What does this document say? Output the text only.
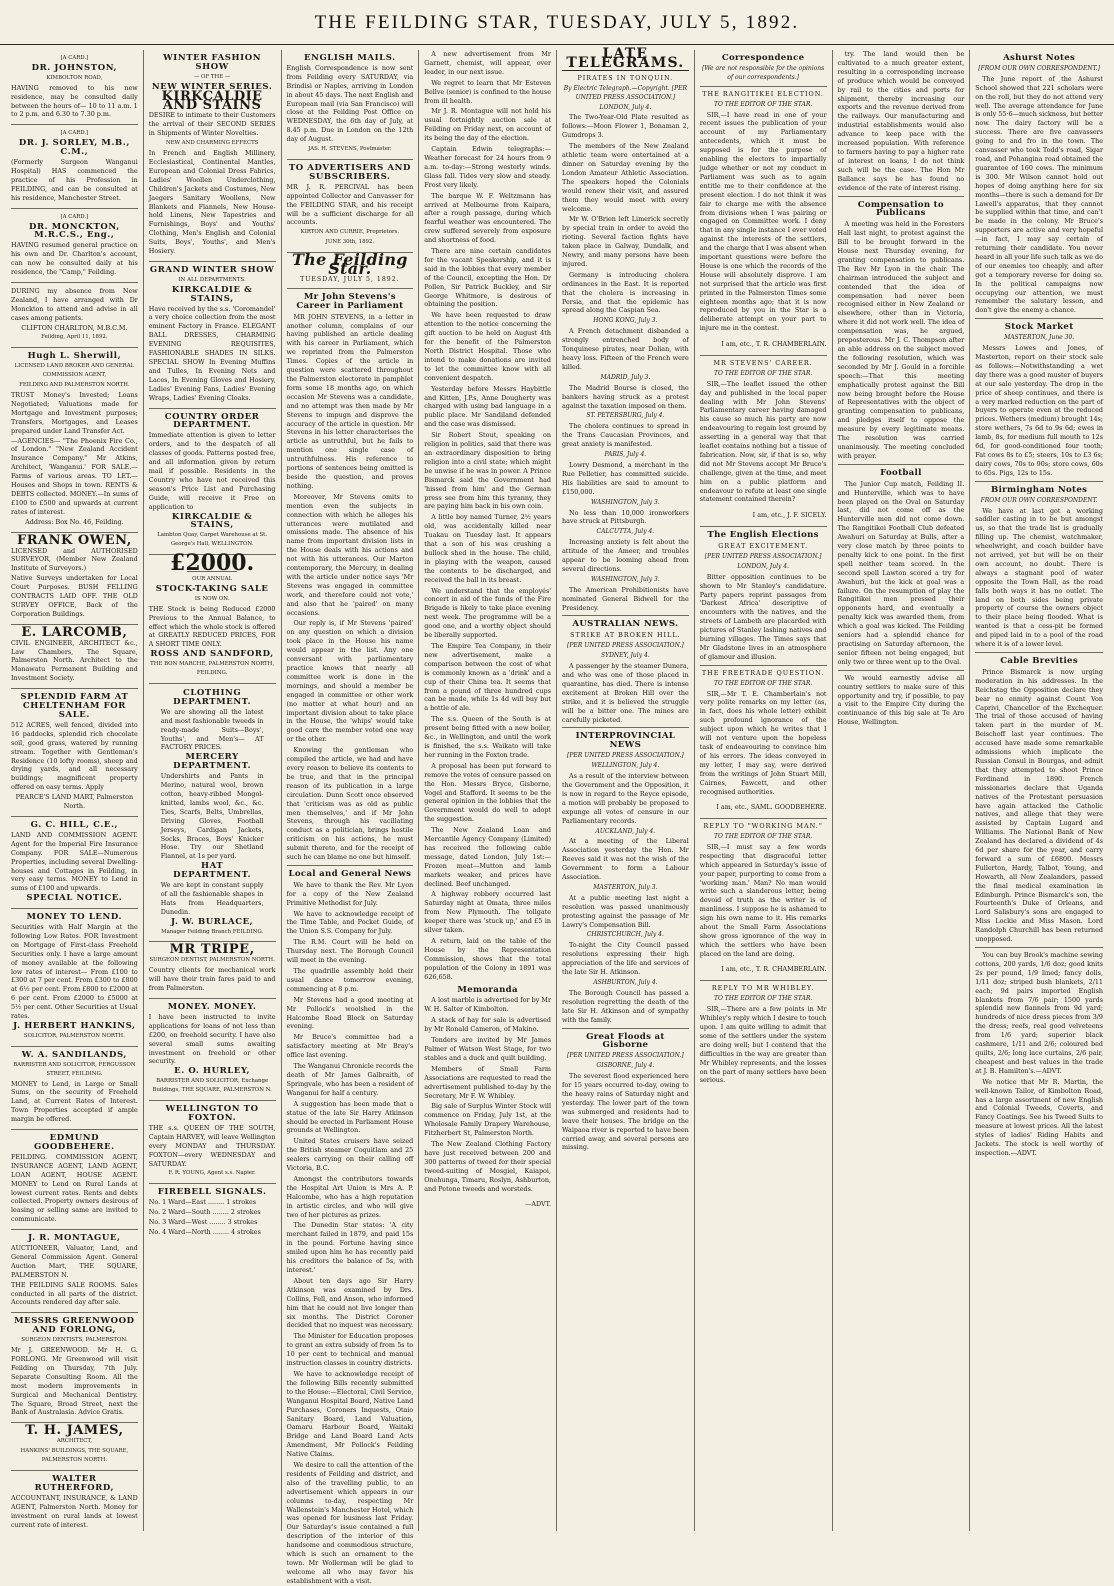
THE FEILDING STAR, TUESDAY, JULY 5, 1892.

[A CARD.]

DR. JOHNSTON,

KIMBOLTON ROAD,

HAVING removed to his new residence, may be consulted daily between the hours of— 10 to 11 a.m. 1 to 2 p.m. and 6.30 to 7.30 p.m.

[A CARD.]

DR. J. SORLEY, M.B., C.M.,

(Formerly Surgeon Wanganui Hospital) HAS commenced the practice of his Profession in FEILDING, and can be consulted at his residence, Manchester Street.

[A CARD.]

DR. MONCKTON, M.R.C.S., Eng.,

HAVING resumed general practice on his own and Dr. Charlton's account, can now be consulted daily at his residence, the "Camp," Feilding.

DURING my absence from New Zealand, I have arranged with Dr Monckton to attend and advise in all cases among patients.

CLIFTON CHARLTON, M.B.C.M.

Feilding, April 11, 1892.

Hugh L. Sherwill,

LICENSED LAND BROKER AND GENERAL COMMISSION AGENT,

FEILDING AND PALMERSTON NORTH.

TRUST Money's Invested; Loans Negotiated; Valuations made for Mortgage and Investment purposes; Transfers, Mortgages, and Leases prepared under Land Transfer Act.

—AGENCIES— "The Phoenix Fire Co., of London." "New Zealand Accident Insurance Company." Mr Atkins, Architect, 'Wanganui.' FOR SALE.—Farms of various areas. TO LET.—Houses and Shops in town. RENTS & DEBTS collected. MONEY.—In sums of £100 to £500 and upwards at current rates of interest.

Address: Box No. 46, Feilding.

FRANK OWEN,

LICENSED and AUTHORISED SURVEYOR, (Member New Zealand Institute of Surveyors.)

Native Surveys undertaken for Local Court Purposes. BUSH FELLING CONTRACTS LAID OFF. THE OLD SURVEY OFFICE, Back of the Corporation Buildings.

E. LARCOMB,

CIVIL ENGINEER, ARCHITECT &c., Law Chambers, The Square, Palmerston North. Architect to the Manawatu Permanent Building and Investment Society.

SPLENDID FARM AT CHELTENHAM FOR SALE.

512 ACRES, well fenced, divided into 16 paddocks, splendid rich chocolate soil, good grass, watered by running stream. Together with Gentleman's Residence (10 lofty rooms), sheep and drying yards, and all necessary buildings; magnificent property offered on easy terms. Apply

PEARCE'S LAND MART, Palmerston North.

G. C. HILL, C.E.,

LAND AND COMMISSION AGENT. Agent for the Imperial Fire Insurance Company. FOR SALE—Numerous Properties, including several Dwelling-houses and Cottages in Feilding, in very easy terms. MONEY to Lend in sums of £100 and upwards.

SPECIAL NOTICE.

MONEY TO LEND.

Securities with Half Margin at the following Low Rates. FOR Investment on Mortgage of First-class Freehold Securities only. I have a large amount of money available at the following low rates of interest— From £100 to £300 at 7 per cent. From £300 to £800 at 6½ per cent. From £800 to £2000 at 6 per cent. From £2000 to £5000 at 5½ per cent. Other Securities at Usual rates.

J. HERBERT HANKINS,

SOLICITOR, PALMERSTON NORTH.

W. A. SANDILANDS,

BARRISTER AND SOLICITOR, FERGUSSON STREET, FEILDING.

MONEY to Lend, in Large or Small Sums, on the security of Freehold Land, at Current Rates of Interest. Town Properties accepted if ample margin be offered.

EDMUND GOODBEHERE.

FEILDING. COMMISSION AGENT, INSURANCE AGENT, LAND AGENT, LOAN AGENT, HOUSE AGENT. MONEY to Lend on Rural Lands at lowest current rates. Rents and debts collected. Property owners desirous of leasing or selling same are invited to communicate.

J. R. MONTAGUE,

AUCTIONEER, Valuator, Land, and General Commission Agent. General Auction Mart, THE SQUARE, PALMERSTON N.

THE FEILDING SALE ROOMS. Sales conducted in all parts of the district. Accounts rendered day after sale.

MESSRS GREENWOOD AND FORLONG,

SURGEON DENTISTS, PALMERSTON.

Mr J. GREENWOOD. Mr H. G. FORLONG. Mr Greenwood will visit Feilding on Thursday, 7th July. Separate Consulting Room. All the most modern improvements in Surgical and Mechanical Dentistry. The Square, Broad Street, next the Bank of Australasia. Advice Gratis.

T. H. JAMES,

ARCHITECT,

HANKINS' BUILDINGS, THE SQUARE, PALMERSTON NORTH.

WALTER RUTHERFORD,

ACCOUNTANT, INSURANCE, & LAND AGENT, Palmerston North. Money for investment on rural lands at lowest current rate of interest.

WINTER FASHION SHOW

— OF THE —

NEW WINTER SERIES.

KIRKCALDIE AND STAINS

DESIRE to intimate to their Customers the arrival of their SECOND SERIES in Shipments of Winter Novelties.

NEW AND CHARMING EFFECTS

In French and English Millinery, Ecclesiastical, Continental Mantles, European and Colonial Dress Fabrics, Ladies' Woollen Underclothing, Children's Jackets and Costumes, New Jaegers Sanitary Woollens, New Blankets and Flannels, New House-hold Linens, New Tapestries and Furnishings, Boys' and Youths' Clothing, Men's English and Colonial Suits, Boys', Youths', and Men's Hosiery.

GRAND WINTER SHOW

IN ALL DEPARTMENTS.

KIRKCALDIE & STAINS,

Have received by the s.s. 'Coromandel' a very choice collection from the most eminent Factory in France. ELEGANT BALL DRESSES, CHARMING EVENING REQUISITES, FASHIONABLE SHADES IN SILKS. SPECIAL SHOW In Evening Muffins and Tulles, In Evening Nets and Laces, In Evening Gloves and Hosiery, Ladies' Evening Fans, Ladies' Evening Wraps, Ladies' Evening Cloaks.

COUNTRY ORDER DEPARTMENT.

Immediate attention is given to letter orders, and to the despatch of all classes of goods. Patterns posted free, and all information given by return mail if possible. Residents in the Country who have not received this season's Price List and Purchasing Guide, will receive it Free on application to

KIRKCALDIE & STAINS,

Lambton Quay, Carpet Warehouse at St. George's Hall, WELLINGTON.

£2000.

OUR ANNUAL

STOCK-TAKING SALE

IS NOW ON.

THE Stock is being Reduced £2000 Previous to the Annual Balance, to effect which the whole stock is offered at GREATLY REDUCED PRICES, FOR A SHORT TIME ONLY.

ROSS AND SANDFORD,

THE BON MARCHE, PALMERSTON NORTH, FEILDING.

CLOTHING DEPARTMENT.

We are showing all the latest and most fashionable tweeds in ready-made Suits—Boys', Youths', and Men's— AT FACTORY PRICES.

MERCERY DEPARTMENT.

Undershirts and Pants in Merino, natural wool, brown cotton, heavy-ribbed Mongol-knitted, lambs wool, &c., &c. Ties, Scarfs, Belts, Umbrellas, Driving Gloves, Football Jerseys, Cardigan Jackets, Socks, Braces, Boys' Knicker Hose. Try our Shetland Flannel, at 1s per yard.

HAT DEPARTMENT.

We are kept in constant supply of all the fashionable shapes in Hats from Headquarters, Dunedin.

J. W. BURLACE,

Manager Feilding Branch FEILDING.

MR TRIPE,

SURGEON DENTIST, PALMERSTON NORTH.

Country clients for mechanical work will have their train fares paid to and from Palmerston.

MONEY. MONEY.

I have been instructed to invite applications for loans of not less than £200, on freehold security. I have also several small sums awaiting investment on freehold or other security.

E. O. HURLEY,

BARRISTER AND SOLICITOR, Exchange Buildings, THE SQUARE, PALMERSTON N.

WELLINGTON TO FOXTON.

THE s.s. QUEEN OF THE SOUTH, Captain HARVEY, will leave Wellington every MONDAY and THURSDAY. FOXTON—every WEDNESDAY and SATURDAY.

F. R. YOUNG, Agent s.s. Napier.

FIREBELL SIGNALS.

No. 1 Ward—East ........ 1 strokes

No. 2 Ward—South ........ 2 strokes

No. 3 Ward—West ........ 3 strokes

No. 4 Ward—North ........ 4 strokes

ENGLISH MAILS.

English Correspondence is now sent from Feilding every SATURDAY, via Brindisi or Naples, arriving in London in about 45 days. The next English and European mail (via San Francisco) will close at the Feilding Post Office on WEDNESDAY, the 6th day of July, at 8.45 p.m. Due in London on the 12th day of August.

JAS. H. STEVENS, Postmaster.

TO ADVERTISERS AND SUBSCRIBERS.

MR J. R. PERCIVAL has been appointed Collector and Canvasser for the FEILDING STAR, and his receipt will be a sufficient discharge for all accounts.

KIRTON AND CURRIE, Proprietors.

JUNE 30th, 1892.

The Feilding Star.
TUESDAY, JULY 5, 1892.
Mr John Stevens's Career in Parliament

MR JOHN STEVENS, in a letter in another column, complains of our having published an article dealing with his career in Parliament, which we reprinted from the Palmerston Times. Copies of the article in question were scattered throughout the Palmerston electorate in pamphlet form some 18 months ago, on which occasion Mr Stevens was a candidate, and no attempt was then made by Mr Stevens to impugn and disprove the accuracy of the article in question. Mr Stevens in his letter characterises the article as untruthful, but he fails to mention one single case of untruthfulness. His reference to portions of sentences being omitted is beside the question, and proves nothing.

Moreover, Mr Stevens omits to mention even the subjects in connection with which he alleges his utterances were mutilated and omissions made. The absence of his name from important division lists in the House deals with his actions and not with his utterances. Our Marton contemporary, the Mercury, in dealing with the article under notice says 'Mr Stevens was engaged in committee work, and therefore could not vote,' and also that he 'paired' on many occasions.

Our reply is, if Mr Stevens 'paired' on any question on which a division took place in the House his name would appear in the list. Any one conversant with parliamentary practice knows that nearly all committee work is done in the mornings, and should a member be engaged in committee or other work (no matter at what hour) and an important division about to take place in the House, the 'whips' would take good care the member voted one way or the other.

Knowing the gentleman who compiled the article, we had and have every reason to believe its contents to be true, and that in the principal reason of its publication in a large circulation. Dunn Scott once observed that 'criticism was as old as public men themselves,' and if Mr John Stevens, through his vacillating conduct as a politician, brings hostile criticism on his actions, he must submit thereto, and for the receipt of such he can blame no one but himself.

Local and General News

We have to thank the Rev. Mr Lyon for a copy of the New Zealand Primitive Methodist for July.

We have to acknowledge receipt of the Time Table, and Pocket Guide, of the Union S.S. Company for July.

The R.M. Court will be held on Thursday next. The Borough Council will meet in the evening.

The quadrille assembly hold their usual dance tomorrow evening, commencing at 8 p.m.

Mr Stevens had a good meeting at Mr Pollock's woolshed in the Halcombe Road Block on Saturday evening.

Mr Bruce's committee had a satisfactory meeting at Mr Bray's office last evening.

The Wanganui Chronicle records the death of Mr James Galbraith, of Springvale, who has been a resident of Wanganui for half a century.

A suggestion has been made that a statue of the late Sir Harry Atkinson should be erected in Parliament House grounds at Wellington.

United States cruisers have seized the British steamer Coquitlam and 25 sealers carrying on their calling off Victoria, B.C.

Amongst the contributors towards the Hospital Art Union is Mrs A. P. Halcombe, who has a high reputation in artistic circles, and who will give two of her pictures as prizes.

The Dunedin Star states: 'A city merchant failed in 1879, and paid 15s in the pound. Fortune having since smiled upon him he has recently paid his creditors the balance of 5s, with interest.'

About ten days ago Sir Harry Atkinson was examined by Drs. Collins, Fell, and Anson, who informed him that he could not live longer than six months. The District Coroner decided that no inquest was necessary.

The Minister for Education proposes to grant an extra subsidy of from 5s to 10 per cent to technical and manual instruction classes in country districts.

We have to acknowledge receipt of the following Bills recently submitted to the House:—Electoral, Civil Service, Wanganui Hospital Board, Native Land Purchases, Coroners Inquests, Otaio Sanitary Board, Land Valuation, Oamaru Harbour Board, Waitaki Bridge and Land Board Land Acts Amendment, Mr Pollock's Feilding Native Claims.

We desire to call the attention of the residents of Feilding and district, and also of the travelling public, to an advertisement which appears in our columns to-day, respecting Mr Wallenstein's Manchester Hotel, which was opened for business last Friday. Our Saturday's issue contained a full description of the interior of this handsome and commodious structure, which is such an ornament to the town. Mr Wollerman will be glad to welcome all who may favor his establishment with a visit.

A new advertisement from Mr Garnett, chemist, will appear, over leader, in our next issue.

We regret to learn that Mr Esteven Bellve (senior) is confined to the house from ill health.

Mr J. R. Montague will not hold his usual fortnightly auction sale at Feilding on Friday next, on account of its being the day of the election.

Captain Edwin telegraphs:—Weather forecast for 24 hours from 9 a.m. to-day:—Strong westerly winds. Glass fall. Tides very slow and steady. Frost very likely.

The barque W. F. Weltzmann has arrived at Melbourne from Kaipara, after a rough passage, during which fearful weather was encountered. The crew suffered severely from exposure and shortness of food.

There are nine certain candidates for the vacant Speakership, and it is said in the lobbies that every member of the Council, excepting the Hon. Dr Pollen, Sir Patrick Buckley, and Sir George Whitmore, is desirous of obtaining the position.

We have been requested to draw attention to the notice concerning the gift auction to be held on August 4th for the benefit of the Palmerston North District Hospital. Those who intend to make donations are invited to let the committee know with all convenient despatch.

Yesterday before Messrs Haybittle and Kitten, J.P.s, Anne Dougherty was charged with using bad language in a public place. Mr Sandiland defended and the case was dismissed.

Sir Robert Stout, speaking on religion in politics, said that there was an extraordinary disposition to bring religion into a civil state; which might be unwise if he was in power. A Prince Bismarck said the Government had 'hissed from him' and the German press see from him this tyranny, they are paying him back in his own coin.

A little boy named Turner, 2½ years old, was accidentally killed near Tuakau on Tuesday last. It appears that a son of his was crushing a bullock shed in the house. The child, in playing with the weapon, caused the contents to be discharged, and received the ball in its breast.

We understand that the employés' concert in aid of the funds of the Fire Brigade is likely to take place evening next week. The programme will be a good one, and a worthy object should be liberally supported.

The Empire Tea Company, in their new advertisement, make a comparison between the cost of what is commonly known as a 'drink' and a cup of their China tea. It seems that from a pound of three hundred cups can be made, while 1s 4d will buy but a bottle of ale.

The s.s. Queen of the South is at present being fitted with a new boiler, &c., in Wellington, and until the work is finished, the s.s. Waikato will take her running in the Foxton trade.

A proposal has been put forward to remove the votes of censure passed on the Hon. Messrs Bryce, Gisborne, Vogel and Stafford. It seems to be the general opinion in the lobbies that the Government would do well to adopt the suggestion.

The New Zealand Loan and Mercantile Agency Company (Limited) has received the following cable message, dated London, July 1st:—Frozen meat—Mutton and lamb markets weaker, and prices have declined. Beef unchanged.

A highway robbery occurred last Saturday night at Omata, three miles from New Plymouth. The tollgate keeper there was 'stuck up,' and £5 in silver taken.

A return, laid on the table of the House by the Representation Commission, shows that the total population of the Colony in 1891 was 626,658.

Memoranda

A lost marble is advertised for by Mr W. H. Salter of Kimbolton.

A stack of hay for sale is advertised by Mr Ronald Cameron, of Makino.

Tenders are invited by Mr James Palmer of Watson West Stage, for two stables and a duck and quilt building.

Members of Small Farm Associations are requested to read the advertisement published to-day by the Secretary, Mr F. W. Whibley.

Big sale of Surplus Winter Stock will commence on Friday, July 1st, at the Wholesale Family Drapery Warehouse, Fitzherbert St, Palmerston North.

The New Zealand Clothing Factory have just received between 200 and 300 patterns of tweed for their special tweed-suiting of Mosgiel, Kaiapoi, Onehunga, Timaru, Roslyn, Ashburton, and Petone tweeds and worsteds.

—ADVT.

LATE TELEGRAMS.
PIRATES IN TONQUIN.

By Electric Telegraph.—Copyright. [PER UNITED PRESS ASSOCIATION.]

LONDON, July 4.

The Two-Year-Old Plate resulted as follows:—Moon Flower 1, Bonaman 2, Gumdrops 3.

The members of the New Zealand athletic team were entertained at a dinner on Saturday evening by the London Amateur Athletic Association. The speakers hoped the Colonials would renew their visit, and assured them they would meet with every welcome.

Mr W. O'Brien left Limerick secretly by special train in order to avoid the rioting. Several faction fights have taken place in Galway, Dundalk, and Newry, and many persons have been injured.

Germany is introducing cholera ordinances in the East. It is reported that the cholera is increasing in Persia, and that the epidemic has spread along the Caspian Sea.

HONG KONG, July 3.

A French detachment disbanded a strongly entrenched body of Tonquinese pirates, near Dolian, with heavy loss. Fifteen of the French were killed.

MADRID, July 3.

The Madrid Bourse is closed, the bankers having struck as a protest against the taxation imposed on them.

ST. PETERSBURG, July 4.

The cholera continues to spread in the Trans Caucasian Provinces, and great anxiety is manifested.

PARIS, July 4.

Lowry Desmond, a merchant in the Rue Pelletier, has committed suicide. His liabilities are said to amount to £150,000.

WASHINGTON, July 3.

No less than 10,000 ironworkers have struck at Pittsburgh.

CALCUTTA, July 4.

Increasing anxiety is felt about the attitude of the Ameer, and troubles appear to be looming ahead from several directions.

WASHINGTON, July 3.

The American Prohibitionists have nominated General Bidwell for the Presidency.

AUSTRALIAN NEWS.
STRIKE AT BROKEN HILL.

[PER UNITED PRESS ASSOCIATION.]

SYDNEY, July 4.

A passenger by the steamer Dunera, and who was one of those placed in quarantine, has died. There is intense excitement at Broken Hill over the strike, and it is believed the struggle will be a bitter one. The mines are carefully picketed.

INTERPROVINCIAL NEWS

[PER UNITED PRESS ASSOCIATION.]

WELLINGTON, July 4.

As a result of the interview between the Government and the Opposition, it is now in regard to the Reyce episode, a motion will probably be proposed to expunge all votes of censure in our Parliamentary records.

AUCKLAND, July 4.

At a meeting of the Liberal Association yesterday the Hon. Mr Reeves said it was not the wish of the Government to form a Labour Association.

MASTERTON, July 3.

At a public meeting last night a resolution was passed unanimously protesting against the passage of Mr Lawry's Compensation Bill.

CHRISTCHURCH, July 4.

To-night the City Council passed resolutions expressing their high appreciation of the life and services of the late Sir H. Atkinson.

ASHBURTON, July 4.

The Borough Council has passed a resolution regretting the death of the late Sir H. Atkinson and of sympathy with the family.

Great Floods at Gisborne

[PER UNITED PRESS ASSOCIATION.]

GISBORNE, July 4.

The severest flood experienced here for 15 years occurred to-day, owing to the heavy rains of Saturday night and yesterday. The lower part of the town was submerged and residents had to leave their houses. The bridge on the Waipaoa river is reported to have been carried away, and several persons are missing.

Correspondence

[We are not responsible for the opinions of our correspondents.]

THE RANGITIKEI ELECTION.

TO THE EDITOR OF THE STAR.

SIR,—I have read in one of your recent issues the publication of your account of my Parliamentary antecedents, which it must be supposed is for the purpose of enabling the electors to impartially judge whether or not my conduct in Parliament was such as to again entitle me to their confidence at the present election. I do not think it was fair to charge me with the absence from divisions when I was pairing or engaged on Committee work. I deny that in any single instance I ever voted against the interests of the settlers, and the charge that I was absent when important questions were before the House is one which the records of the House will absolutely disprove. I am not surprised that the article was first printed in the Palmerston Times some eighteen months ago; that it is now reproduced by you in the Star is a deliberate attempt on your part to injure me in the contest.

I am, etc., T. R. CHAMBERLAIN.

MR STEVENS' CAREER.

TO THE EDITOR OF THE STAR.

SIR,—The leaflet issued the other day and published in the local paper dealing with Mr John Stevens' Parliamentary career having damaged his cause so much his party are now endeavouring to regain lost ground by asserting in a general way that that leaflet contains nothing but a tissue of fabrication. Now, sir, if that is so, why did not Mr Stevens accept Mr Bruce's challenge, given at the time, and meet him on a public platform and endeavour to refute at least one single statement contained therein?

I am, etc., J. F. SICELY.

The English Elections
GREAT EXCITEMENT.

[PER UNITED PRESS ASSOCIATION.]

LONDON, July 4.

Bitter opposition continues to be shown to Mr Stanley's candidature. Party papers reprint passages from 'Darkest Africa' descriptive of encounters with the natives, and the streets of Lambeth are placarded with pictures of Stanley lashing natives and burning villages. The Times says that Mr Gladstone lives in an atmosphere of glamour and illusion.

THE FREETRADE QUESTION.

TO THE EDITOR OF THE STAR.

SIR,—Mr T. E. Chamberlain's not very polite remarks on my letter (as, in fact, does his whole letter) exhibit such profound ignorance of the subject upon which he writes that I will not venture upon the hopeless task of endeavouring to convince him of his errors. The ideas conveyed in my letter, I may say, were derived from the writings of John Stuart Mill, Cairnes, Fawcett, and other recognised authorities.

I am, etc., SAML. GOODBEHERE.

REPLY TO "WORKING MAN."

TO THE EDITOR OF THE STAR.

SIR,—I must say a few words respecting that disgraceful letter which appeared in Saturday's issue of your paper, purporting to come from a 'working man.' Man? No man would write such a slanderous letter, being devoid of truth as the writer is of manliness. I suppose he is ashamed to sign his own name to it. His remarks about the Small Farm Associations show gross ignorance of the way in which the settlers who have been placed on the land are doing.

I am, etc., T. R. CHAMBERLAIN.

REPLY TO MR WHIBLEY.

TO THE EDITOR OF THE STAR.

SIR,—There are a few points in Mr Whibley's reply which I desire to touch upon. I am quite willing to admit that some of the settlers under the system are doing well; but I contend that the difficulties in the way are greater than Mr Whibley represents, and the losses on the part of many settlers have been serious.

try. The land would then be cultivated to a much greater extent, resulting in a corresponding increase of produce which would be conveyed by rail to the cities and ports for shipment, thereby increasing our exports and the revenue derived from the railways. Our manufacturing and industrial establishments would also advance to keep pace with the increased population. With reference to farmers having to pay a higher rate of interest on loans, I do not think such will be the case. The Hon Mr Ballance says he has found no evidence of the rate of interest rising.

Compensation to Publicans

A meeting was held in the Foresters Hall last night, to protest against the Bill to be brought forward in the House next Thursday evening, for granting compensation to publicans. The Rev Mr Lyon in the chair. The chairman introduced the subject and contended that the idea of compensation had never been recognised either in New Zealand or elsewhere, other than in Victoria, where it did not work well. The idea of compensation was, he argued, preposterous. Mr J. C. Thompson after an able address on the subject moved the following resolution, which was seconded by Mr J. Gould in a forcible speech:—That this meeting emphatically protest against the Bill now being brought before the House of Representatives with the object of granting compensation to publicans, and pledges itself to oppose the measure by every legitimate means. The resolution was carried unanimously. The meeting concluded with prayer.

Football

The Junior Cup match, Feilding II. and Hunterville, which was to have been played on the Oval on Saturday last, did not come off as the Hunterville men did not come down. The Rangitikei Football Club defeated Awahuri on Saturday at Bulls, after a very close match by three points to penalty kick to one point. In the first spell neither team scored. In the second spell Lawton scored a try for Awahuri, but the kick at goal was a failure. On the resumption of play the Rangitikei men pressed their opponents hard, and eventually a penalty kick was awarded them, from which a goal was kicked. The Feilding seniors had a splendid chance for practising on Saturday afternoon, the senior fifteen not being engaged, but only two or three went up to the Oval.

We would earnestly advise all country settlers to make sure of this opportunity and try, if possible, to pay a visit to the Empire City during the continuance of this big sale at Te Aro House, Wellington.

Ashurst Notes

[FROM OUR OWN CORRESPONDENT.]

The June report of the Ashurst School showed that 221 scholars were on the roll, but they do not attend very well. The average attendance for June is only 55·6—much sickness, but better now. The dairy factory will be a success. There are five canvassers going to and fro in the town. The canvasser who took Todd's road, Sigar road, and Pohangina road obtained the guarantee of 160 cows. The minimum is 300. Mr Wilson cannot hold out hopes of doing anything here for six months—there is such a demand for Dr Lawell's apparatus, that they cannot be supplied within that time, and can't be made in the colony. Mr Bruce's supporters are active and very hopeful—in fact, I may say certain of returning their candidate. You never heard in all your life such talk as we do of our enemies too cheaply, and after got a temporary reverse for doing so. In the political campaigns now occupying our attention, we must remember the salutary lesson, and don't give the enemy a chance.

Stock Market

MASTERTON, June 30.

Messrs Lowes and Jones, of Masterton, report on their stock sale as follows:—Notwithstanding a wet day there was a good muster of buyers at our sale yesterday. The drop in the price of sheep continues, and there is a very marked reduction on the part of buyers to operate even at the reduced prices. Wethers (medium) brought 14s; store wethers, 7s 6d to 9s 6d; ewes in lamb, 8s, for medium full mouth to 12s 6d, for good-conditioned four tooth; Fat cows 8s to £5; steers, 10s to £3 6s; dairy cows, 70s to 90s; store cows, 60s to 65s. Pigs, 12s to 15s.

Birmingham Notes

FROM OUR OWN CORRESPONDENT.

We have at last got a working saddler casting in to be but amongst us, so that the trade list is gradually filling up. The chemist, watchmaker, wheelwright, and coach builder have not arrived, yet but will be on their own account, no doubt. There is always a stagnant pool of water opposite the Town Hall, as the road falls both ways it has no outlet. The land on both sides being private property of course the owners object to their place being flooded. What is wanted is that a cess-pit be formed and piped laid in to a pool of the road where it is of a lower level.

Cable Brevities

Prince Bismarck is now urging moderation in his addresses. In the Reichstag the Opposition declare they bear no enmity against Count Von Caprivi, Chancellor of the Exchequer. The trial of those accused of having taken part in the murder of M. Beischoff last year continues. The accused have made some remarkable admissions which implicate the Russian Consul in Bourgas, and admit that they attempted to shoot Prince Ferdinand in 1890. French missionaries declare that Uganda natives of the Protestant persuasion have again attacked the Catholic natives, and allege that they were assisted by Captain Lugard and Williams. The National Bank of New Zealand has declared a dividend of 4s 6d per share for the year, and carry forward a sum of £6800. Messrs Fullerton, Hardy, Talbot, Young, and Howarth, all New Zealanders, passed the final medical examination in Edinburgh. Prince Bismarck's son, the Fourteenth's Duke of Orleans, and Lord Salisbury's sons are engaged to Miss Lockie and Miss Mason. Lord Randolph Churchill has been returned unopposed.

You can buy Brook's machine sewing cottons, 200 yards, 1/6 doz; good knits 2s per pound, 1/9 lined; fancy dolls, 1/11 doz; striped bush blankets, 2/11 each; 9d pairs imported English blankets from 7/6 pair; 1500 yards splendid new flannels from 9d yard; hundreds of nice dress pieces from 3/9 the dress; reefs, real good velveteens from 1/6 yard; superior black cashmere, 1/11 and 2/6; coloured bed quilts, 2/6; long lace curtains, 2/6 pair, cheapest and best values in the trade at J. B. Hamilton's.—ADVT.

We notice that Mr R. Martin, the well-known Tailor, of Kimbolton Road, has a large assortment of new English and Colonial Tweeds, Coverts, and Fancy Coatings. See his Tweed Suits to measure at lowest prices. All the latest styles of ladies' Riding Habits and Jackets. The stock is well worthy of inspection.—ADVT.
